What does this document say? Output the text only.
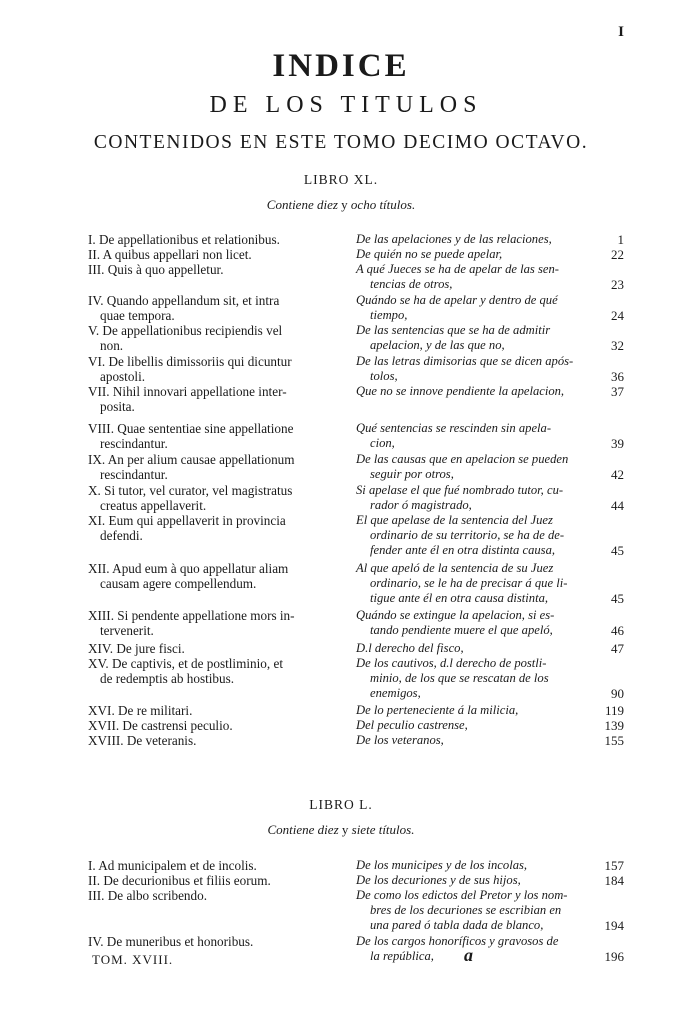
I
INDICE
DE LOS TITULOS
CONTENIDOS EN ESTE TOMO DECIMO OCTAVO.
LIBRO XL.
Contiene diez y ocho títulos.
I. De appellationibus et relationibus.	De las apelaciones y de las relaciones,	1
II. A quibus appellari non licet.	De quién no se puede apelar,	22
III. Quis à quo appelletur.	A qué Jueces se ha de apelar de las sen-
tencias de otros,	23
IV. Quando appellandum sit, et intra
quae tempora.
Quándo se ha de apelar y dentro de qué
tiempo,	24
V. De appellationibus recipiendis vel
non.
De las sentencias que se ha de admitir
apelacion, y de las que no,	32
VI. De libellis dimissoriis qui dicuntur
apostoli.
De las letras dimisorias que se dicen após-
tolos,	36
VII. Nihil innovari appellatione inter-
posita.
Que no se innove pendiente la apelacion,	37
VIII. Quae sententiae sine appellatione
rescindantur.
Qué sentencias se rescinden sin apela-
cion,	39
IX. An per alium causae appellationum
rescindantur.
De las causas que en apelacion se pueden
seguir por otros,	42
X. Si tutor, vel curator, vel magistratus
creatus appellaverit.
Si apelase el que fué nombrado tutor, cu-
rador ó magistrado,	44
XI. Eum qui appellaverit in provincia
defendi.
El que apelase de la sentencia del Juez
ordinario de su territorio, se ha de de-
fender ante él en otra distinta causa,	45
XII. Apud eum à quo appellatur aliam
causam agere compellendum.
Al que apeló de la sentencia de su Juez
ordinario, se le ha de precisar á que li-
tigue ante él en otra causa distinta,	45
XIII. Si pendente appellatione mors in-
tervenerit.
Quándo se extingue la apelacion, si es-
tando pendiente muere el que apeló,	46
XIV. De jure fisci.	D.l derecho del fisco,	47
XV. De captivis, et de postliminio, et
de redemptis ab hostibus.
De los cautivos, d.l derecho de postli-
minio, de los que se rescatan de los
enemigos,	90
XVI. De re militari.	De lo perteneciente á la milicia,	119
XVII. De castrensi peculio.	Del peculio castrense,	139
XVIII. De veteranis.	De los veteranos,	155
LIBRO L.
Contiene diez y siete títulos.
I. Ad municipalem et de incolis.	De los municipes y de los incolas,	157
II. De decurionibus et filiis eorum.	De los decuriones y de sus hijos,	184
III. De albo scribendo.	De como los edictos del Pretor y los nom-
bres de los decuriones se escribian en
una pared ó tabla dada de blanco,	194
IV. De muneribus et honoribus.	De los cargos honoríficos y gravosos de
la república,	196
TOM. XVIII.	a
